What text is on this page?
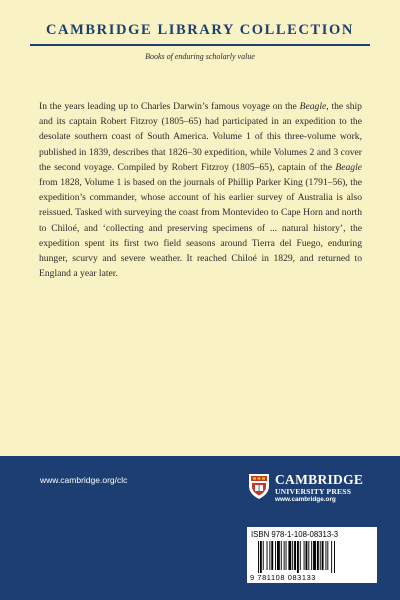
CAMBRIDGE LIBRARY COLLECTION
Books of enduring scholarly value

In the years leading up to Charles Darwin’s famous voyage on the Beagle, the ship and its captain Robert Fitzroy (1805–65) had participated in an expedition to the desolate southern coast of South America. Volume 1 of this three-volume work, published in 1839, describes that 1826–30 expedition, while Volumes 2 and 3 cover the second voyage. Compiled by Robert Fitzroy (1805–65), captain of the Beagle from 1828, Volume 1 is based on the journals of Phillip Parker King (1791–56), the expedition’s commander, whose account of his earlier survey of Australia is also reissued. Tasked with surveying the coast from Montevideo to Cape Horn and north to Chiloé, and ‘collecting and preserving specimens of ... natural history’, the expedition spent its first two field seasons around Tierra del Fuego, enduring hunger, scurvy and severe weather. It reached Chiloé in 1829, and returned to England a year later.

www.cambridge.org/clc	CAMBRIDGE
UNIVERSITY PRESS
www.cambridge.org
ISBN 978-1-108-08313-3
9 781108 083133
